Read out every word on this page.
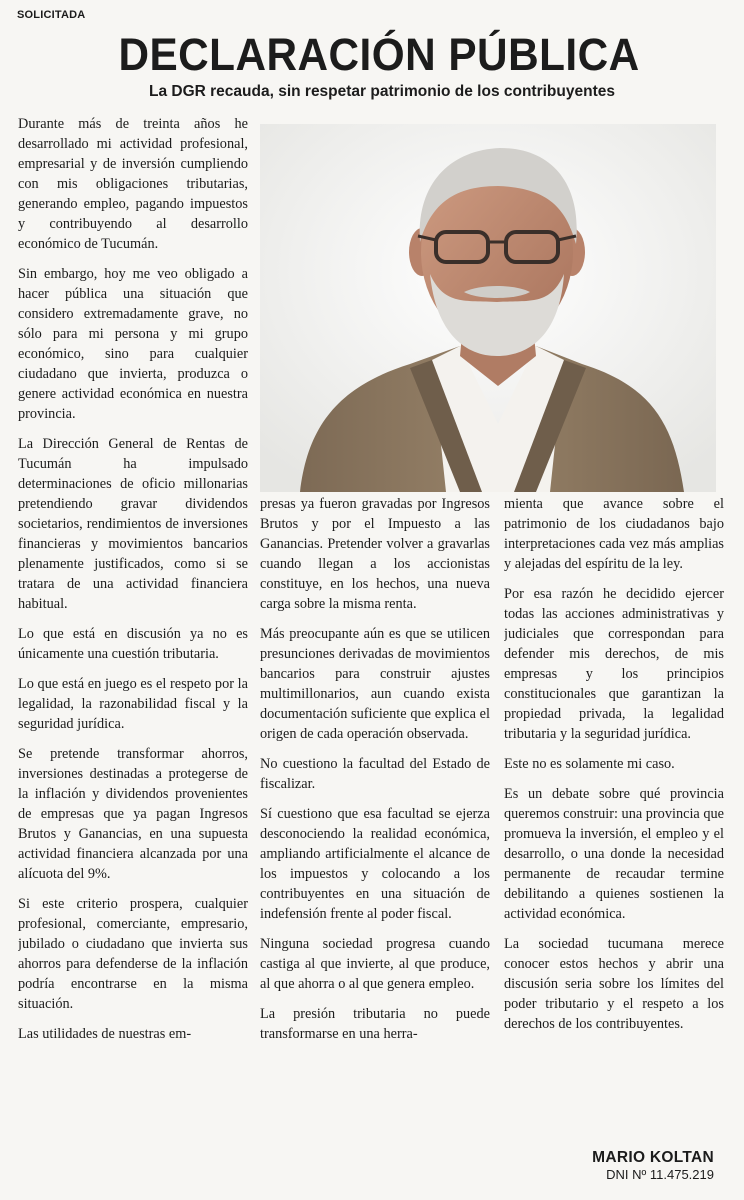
SOLICITADA
DECLARACIÓN PÚBLICA
La DGR recauda, sin respetar patrimonio de los contribuyentes

Durante más de treinta años he desarrollado mi actividad profesional, empresarial y de inversión cumpliendo con mis obligaciones tributarias, generando empleo, pagando impuestos y contribuyendo al desarrollo económico de Tucumán.

Sin embargo, hoy me veo obligado a hacer pública una situación que considero extremadamente grave, no sólo para mi persona y mi grupo económico, sino para cualquier ciudadano que invierta, produzca o genere actividad económica en nuestra provincia.

La Dirección General de Rentas de Tucumán ha impulsado determinaciones de oficio millonarias pretendiendo gravar dividendos societarios, rendimientos de inversiones financieras y movimientos bancarios plenamente justificados, como si se tratara de una actividad financiera habitual.

Lo que está en discusión ya no es únicamente una cuestión tributaria.

Lo que está en juego es el respeto por la legalidad, la razonabilidad fiscal y la seguridad jurídica.

Se pretende transformar ahorros, inversiones destinadas a protegerse de la inflación y dividendos provenientes de empresas que ya pagan Ingresos Brutos y Ganancias, en una supuesta actividad financiera alcanzada por una alícuota del 9%.

Si este criterio prospera, cualquier profesional, comerciante, empresario, jubilado o ciudadano que invierta sus ahorros para defenderse de la inflación podría encontrarse en la misma situación.

Las utilidades de nuestras em-

presas ya fueron gravadas por Ingresos Brutos y por el Impuesto a las Ganancias. Pretender volver a gravarlas cuando llegan a los accionistas constituye, en los hechos, una nueva carga sobre la misma renta.

Más preocupante aún es que se utilicen presunciones derivadas de movimientos bancarios para construir ajustes multimillonarios, aun cuando exista documentación suficiente que explica el origen de cada operación observada.

No cuestiono la facultad del Estado de fiscalizar.

Sí cuestiono que esa facultad se ejerza desconociendo la realidad económica, ampliando artificialmente el alcance de los impuestos y colocando a los contribuyentes en una situación de indefensión frente al poder fiscal.

Ninguna sociedad progresa cuando castiga al que invierte, al que produce, al que ahorra o al que genera empleo.

La presión tributaria no puede transformarse en una herra-

mienta que avance sobre el patrimonio de los ciudadanos bajo interpretaciones cada vez más amplias y alejadas del espíritu de la ley.

Por esa razón he decidido ejercer todas las acciones administrativas y judiciales que correspondan para defender mis derechos, de mis empresas y los principios constitucionales que garantizan la propiedad privada, la legalidad tributaria y la seguridad jurídica.

Este no es solamente mi caso.

Es un debate sobre qué provincia queremos construir: una provincia que promueva la inversión, el empleo y el desarrollo, o una donde la necesidad permanente de recaudar termine debilitando a quienes sostienen la actividad económica.

La sociedad tucumana merece conocer estos hechos y abrir una discusión seria sobre los límites del poder tributario y el respeto a los derechos de los contribuyentes.

MARIO KOLTAN
DNI Nº 11.475.219
